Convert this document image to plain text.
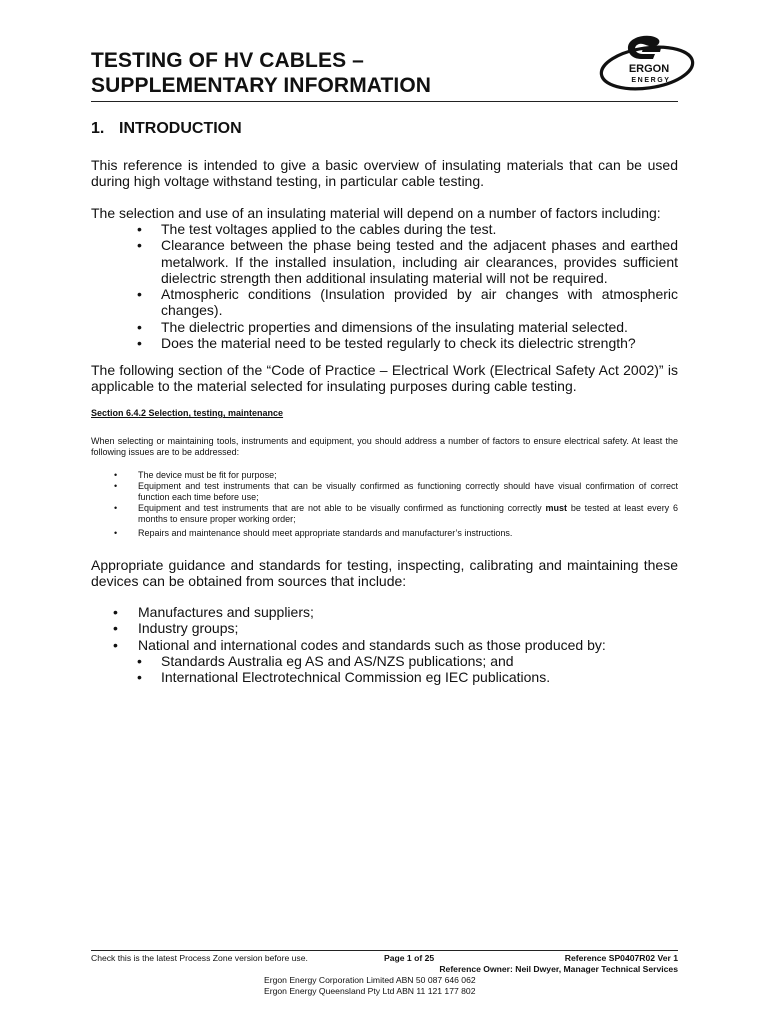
TESTING OF HV CABLES –
SUPPLEMENTARY INFORMATION
ERGON
ENERGY
1. INTRODUCTION
This reference is intended to give a basic overview of insulating materials that can be used during high voltage withstand testing, in particular cable testing.
The selection and use of an insulating material will depend on a number of factors including:
• The test voltages applied to the cables during the test.
• Clearance between the phase being tested and the adjacent phases and earthed metalwork. If the installed insulation, including air clearances, provides sufficient dielectric strength then additional insulating material will not be required.
• Atmospheric conditions (Insulation provided by air changes with atmospheric changes).
• The dielectric properties and dimensions of the insulating material selected.
• Does the material need to be tested regularly to check its dielectric strength?
The following section of the “Code of Practice – Electrical Work (Electrical Safety Act 2002)” is applicable to the material selected for insulating purposes during cable testing.
Section 6.4.2 Selection, testing, maintenance
When selecting or maintaining tools, instruments and equipment, you should address a number of factors to ensure electrical safety. At least the following issues are to be addressed:
• The device must be fit for purpose;
• Equipment and test instruments that can be visually confirmed as functioning correctly should have visual confirmation of correct function each time before use;
• Equipment and test instruments that are not able to be visually confirmed as functioning correctly must be tested at least every 6 months to ensure proper working order;
• Repairs and maintenance should meet appropriate standards and manufacturer’s instructions.
Appropriate guidance and standards for testing, inspecting, calibrating and maintaining these devices can be obtained from sources that include:
• Manufactures and suppliers;
• Industry groups;
• National and international codes and standards such as those produced by:
• Standards Australia eg AS and AS/NZS publications; and
• International Electrotechnical Commission eg IEC publications.
Check this is the latest Process Zone version before use.	Page 1 of 25	Reference SP0407R02 Ver 1
Reference Owner: Neil Dwyer, Manager Technical Services
Ergon Energy Corporation Limited ABN 50 087 646 062
Ergon Energy Queensland Pty Ltd ABN 11 121 177 802
